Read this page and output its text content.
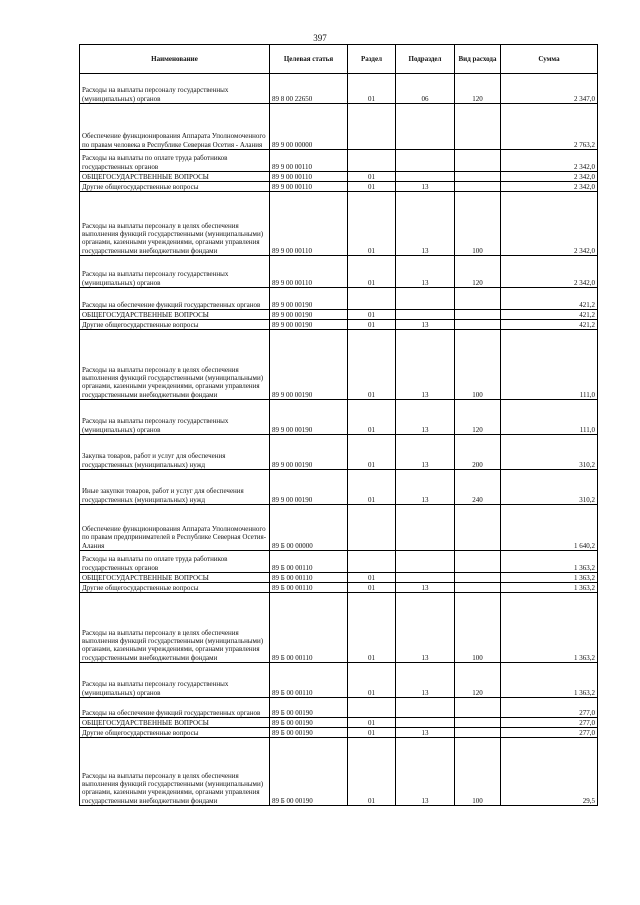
397
Наименование	Целевая статья	Раздел	Подраздел	Вид расхода	Сумма
Расходы на выплаты персоналу государственных (муниципальных) органов	89 8 00 22650	01	06	120	2 347,0
Обеспечение функционирования Аппарата Уполномоченного по правам человека в Республике Северная Осетия - Алания	89 9 00 00000				2 763,2
Расходы на выплаты по оплате труда работников государственных органов	89 9 00 00110				2 342,0
ОБЩЕГОСУДАРСТВЕННЫЕ ВОПРОСЫ	89 9 00 00110	01			2 342,0
Другие общегосударственные вопросы	89 9 00 00110	01	13		2 342,0
Расходы на выплаты персоналу в целях обеспечения выполнения функций государственными (муниципальными) органами, казенными учреждениями, органами управления государственными внебюджетными фондами	89 9 00 00110	01	13	100	2 342,0
Расходы на выплаты персоналу государственных (муниципальных) органов	89 9 00 00110	01	13	120	2 342,0
Расходы на обеспечение функций государственных органов	89 9 00 00190				421,2
ОБЩЕГОСУДАРСТВЕННЫЕ ВОПРОСЫ	89 9 00 00190	01			421,2
Другие общегосударственные вопросы	89 9 00 00190	01	13		421,2
Расходы на выплаты персоналу в целях обеспечения выполнения функций государственными (муниципальными) органами, казенными учреждениями, органами управления государственными внебюджетными фондами	89 9 00 00190	01	13	100	111,0
Расходы на выплаты персоналу государственных (муниципальных) органов	89 9 00 00190	01	13	120	111,0
Закупка товаров, работ и услуг для обеспечения государственных (муниципальных) нужд	89 9 00 00190	01	13	200	310,2
Иные закупки товаров, работ и услуг для обеспечения государственных (муниципальных) нужд	89 9 00 00190	01	13	240	310,2
Обеспечение функционирования Аппарата Уполномоченного по правам предпринимателей в Республике Северная Осетия-Алания	89 Б 00 00000				1 640,2
Расходы на выплаты по оплате труда работников государственных органов	89 Б 00 00110				1 363,2
ОБЩЕГОСУДАРСТВЕННЫЕ ВОПРОСЫ	89 Б 00 00110	01			1 363,2
Другие общегосударственные вопросы	89 Б 00 00110	01	13		1 363,2
Расходы на выплаты персоналу в целях обеспечения выполнения функций государственными (муниципальными) органами, казенными учреждениями, органами управления государственными внебюджетными фондами	89 Б 00 00110	01	13	100	1 363,2
Расходы на выплаты персоналу государственных (муниципальных) органов	89 Б 00 00110	01	13	120	1 363,2
Расходы на обеспечение функций государственных органов	89 Б 00 00190				277,0
ОБЩЕГОСУДАРСТВЕННЫЕ ВОПРОСЫ	89 Б 00 00190	01			277,0
Другие общегосударственные вопросы	89 Б 00 00190	01	13		277,0
Расходы на выплаты персоналу в целях обеспечения выполнения функций государственными (муниципальными) органами, казенными учреждениями, органами управления государственными внебюджетными фондами	89 Б 00 00190	01	13	100	29,5
